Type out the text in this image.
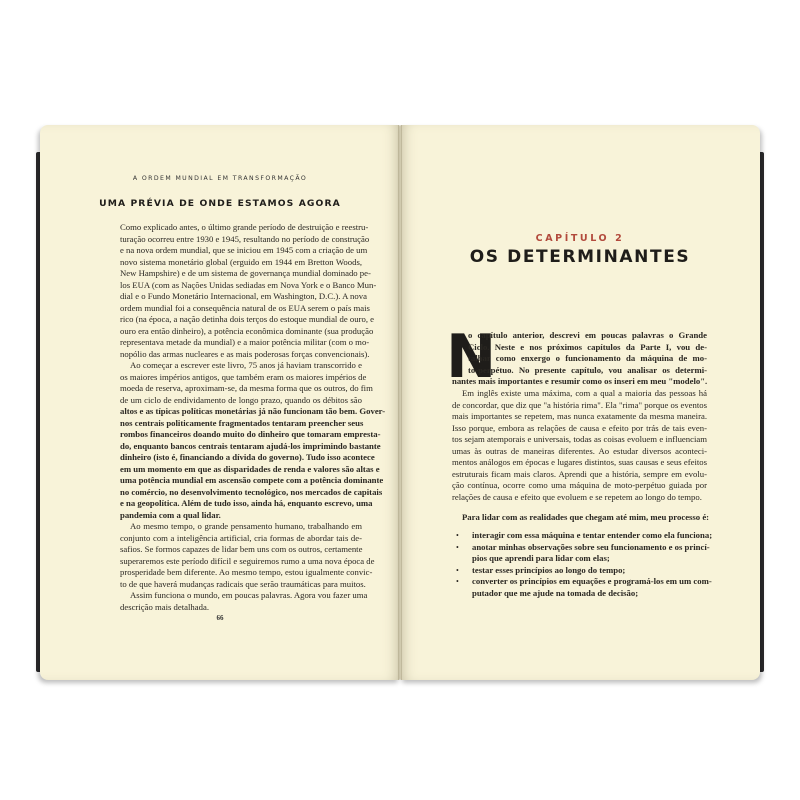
A ORDEM MUNDIAL EM TRANSFORMAÇÃO
UMA PRÉVIA DE ONDE ESTAMOS AGORA
Como explicado antes, o último grande período de destruição e reestru-
turação ocorreu entre 1930 e 1945, resultando no período de construção
e na nova ordem mundial, que se iniciou em 1945 com a criação de um
novo sistema monetário global (erguido em 1944 em Bretton Woods,
New Hampshire) e de um sistema de governança mundial dominado pe-
los EUA (com as Nações Unidas sediadas em Nova York e o Banco Mun-
dial e o Fundo Monetário Internacional, em Washington, D.C.). A nova
ordem mundial foi a consequência natural de os EUA serem o país mais
rico (na época, a nação detinha dois terços do estoque mundial de ouro, e
ouro era então dinheiro), a potência econômica dominante (sua produção
representava metade da mundial) e a maior potência militar (com o mo-
nopólio das armas nucleares e as mais poderosas forças convencionais).
Ao começar a escrever este livro, 75 anos já haviam transcorrido e
os maiores impérios antigos, que também eram os maiores impérios de
moeda de reserva, aproximam-se, da mesma forma que os outros, do fim
de um ciclo de endividamento de longo prazo, quando os débitos são
altos e as típicas políticas monetárias já não funcionam tão bem. Gover-
nos centrais politicamente fragmentados tentaram preencher seus
rombos financeiros doando muito do dinheiro que tomaram empresta-
do, enquanto bancos centrais tentaram ajudá-los imprimindo bastante
dinheiro (isto é, financiando a dívida do governo). Tudo isso acontece
em um momento em que as disparidades de renda e valores são altas e
uma potência mundial em ascensão compete com a potência dominante
no comércio, no desenvolvimento tecnológico, nos mercados de capitais
e na geopolítica. Além de tudo isso, ainda há, enquanto escrevo, uma
pandemia com a qual lidar.
Ao mesmo tempo, o grande pensamento humano, trabalhando em
conjunto com a inteligência artificial, cria formas de abordar tais de-
safios. Se formos capazes de lidar bem uns com os outros, certamente
superaremos este período difícil e seguiremos rumo a uma nova época de
prosperidade bem diferente. Ao mesmo tempo, estou igualmente convic-
to de que haverá mudanças radicais que serão traumáticas para muitos.
Assim funciona o mundo, em poucas palavras. Agora vou fazer uma
descrição mais detalhada.
66
CAPÍTULO 2
OS DETERMINANTES
N
o capítulo anterior, descrevi em poucas palavras o Grande
Ciclo. Neste e nos próximos capítulos da Parte I, vou de-
talhar como enxergo o funcionamento da máquina de mo-
to-perpétuo. No presente capítulo, vou analisar os determi-
nantes mais importantes e resumir como os inseri em meu "modelo".
Em inglês existe uma máxima, com a qual a maioria das pessoas há
de concordar, que diz que "a história rima". Ela "rima" porque os eventos
mais importantes se repetem, mas nunca exatamente da mesma maneira.
Isso porque, embora as relações de causa e efeito por trás de tais even-
tos sejam atemporais e universais, todas as coisas evoluem e influenciam
umas às outras de maneiras diferentes. Ao estudar diversos aconteci-
mentos análogos em épocas e lugares distintos, suas causas e seus efeitos
estruturais ficam mais claros. Aprendi que a história, sempre em evolu-
ção contínua, ocorre como uma máquina de moto-perpétuo guiada por
relações de causa e efeito que evoluem e se repetem ao longo do tempo.
Para lidar com as realidades que chegam até mim, meu processo é:
• interagir com essa máquina e tentar entender como ela funciona;
• anotar minhas observações sobre seu funcionamento e os princí-
pios que aprendi para lidar com elas;
• testar esses princípios ao longo do tempo;
• converter os princípios em equações e programá-los em um com-
putador que me ajude na tomada de decisão;
